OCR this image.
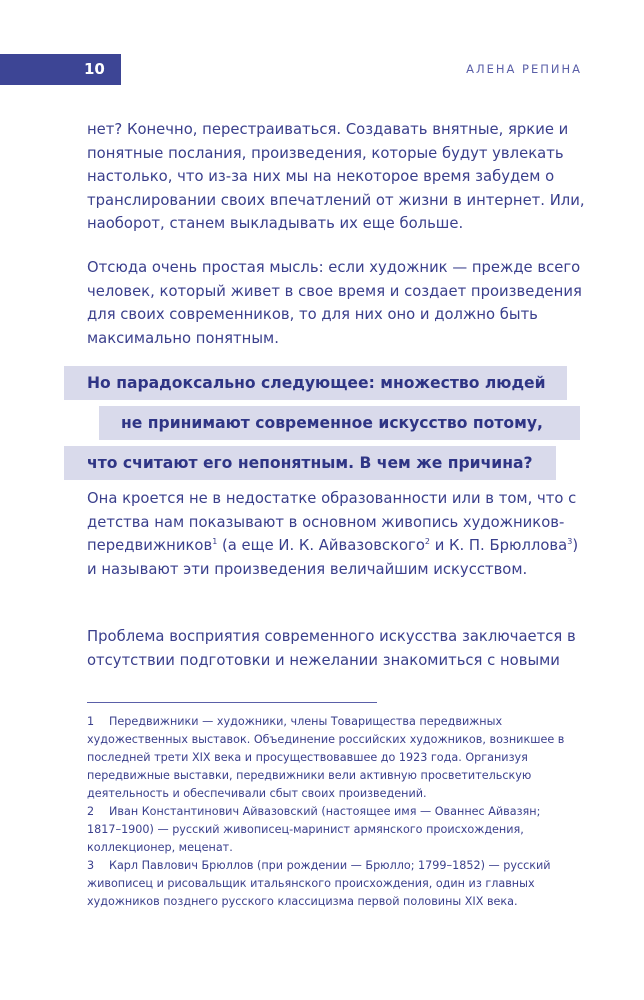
10	АЛЕНА РЕПИНА

нет? Конечно, перестраиваться. Создавать внятные, яркие и понятные послания, произведения, которые будут увлекать настолько, что из-за них мы на некоторое время забудем о транслировании своих впечатлений от жизни в интернет. Или, наоборот, станем выкладывать их еще больше.

Отсюда очень простая мысль: если художник — прежде всего человек, который живет в свое время и создает произведения для своих современников, то для них оно и должно быть максимально понятным.

Но парадоксально следующее: множество людей
не принимают современное искусство потому,
что считают его непонятным. В чем же причина?

Она кроется не в недостатке образованности или в том, что с детства нам показывают в основном живопись художников-передвижников$^1$ (а еще И. К. Айвазовского$^2$ и К. П. Брюллова$^3$) и называют эти произведения величайшим искусством.

Проблема восприятия современного искусства заключается в отсутствии подготовки и нежелании знакомиться с новыми

1 Передвижники — художники, члены Товарищества передвижных художественных выставок. Объединение российских художников, возникшее в последней трети XIX века и просуществовавшее до 1923 года. Организуя передвижные выставки, передвижники вели активную просветительскую деятельность и обеспечивали сбыт своих произведений.

2 Иван Константинович Айвазовский (настоящее имя — Ованнес Айвазян; 1817–1900) — русский живописец-маринист армянского происхождения, коллекционер, меценат.

3 Карл Павлович Брюллов (при рождении — Брюлло; 1799–1852) — русский живописец и рисовальщик итальянского происхождения, один из главных художников позднего русского классицизма первой половины XIX века.
